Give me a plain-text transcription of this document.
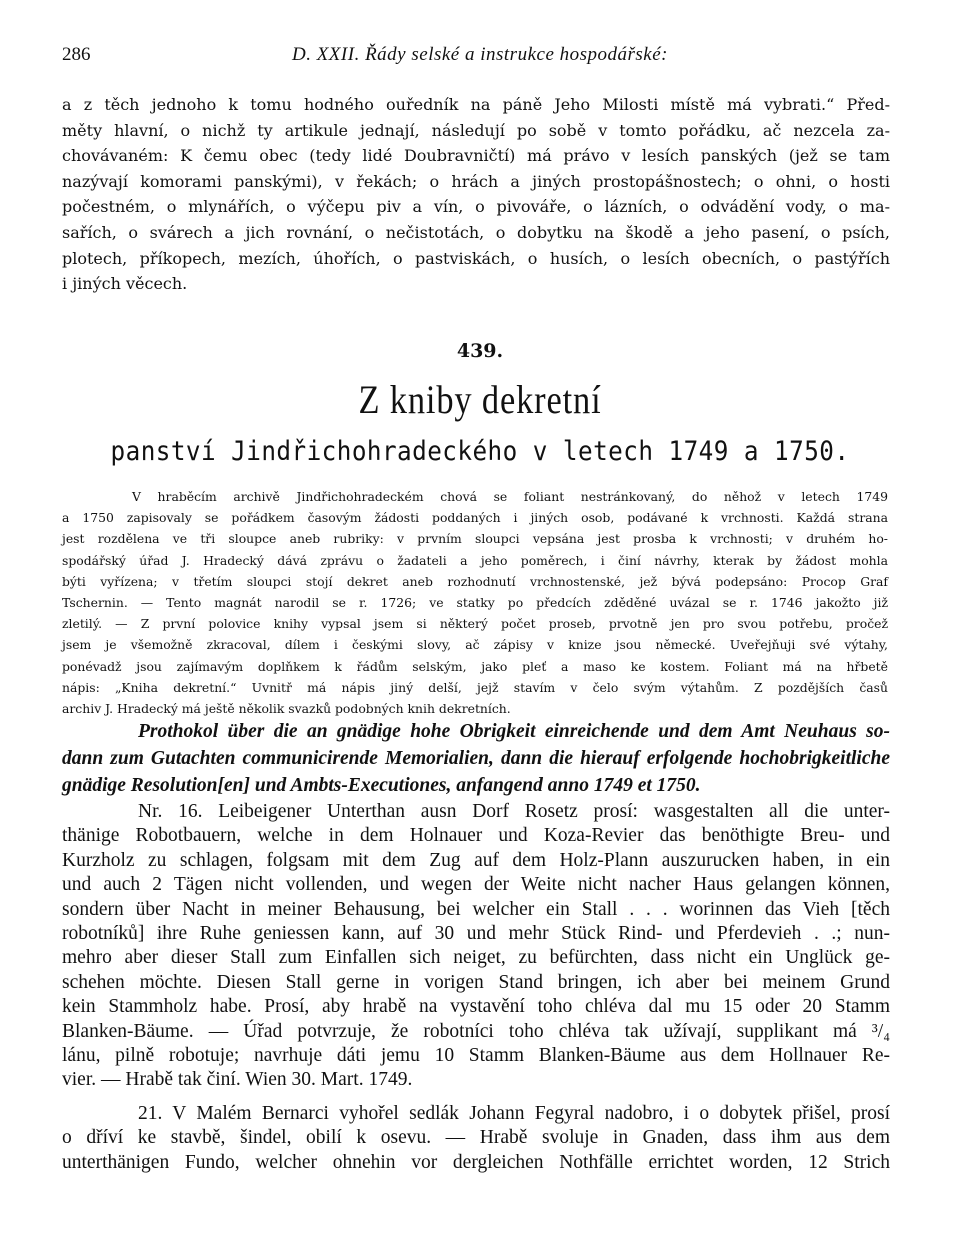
286	D. XXII. Řády selské a instrukce hospodářské:

a z těch jednoho k tomu hodného ouředník na páně Jeho Milosti místě má vybrati.“ Před-
měty hlavní, o nichž ty artikule jednají, následují po sobě v tomto pořádku, ač nezcela za-
chovávaném: K čemu obec (tedy lidé Doubravničtí) má právo v lesích panských (jež se tam
nazývají komorami panskými), v řekách; o hrách a jiných prostopášnostech; o ohni, o hosti
počestném, o mlynářích, o výčepu piv a vín, o pivováře, o lázních, o odvádění vody, o ma-
sařích, o svárech a jich rovnání, o nečistotách, o dobytku na škodě a jeho pasení, o psích,
plotech, příkopech, mezích, úhořích, o pastviskách, o husích, o lesích obecních, o pastýřích
i jiných věcech.

439.
Z kniby dekretní
panství Jindřichohradeckého v letech 1749 a 1750.

V hraběcím archivě Jindřichohradeckém chová se foliant nestránkovaný, do něhož v letech 1749
a 1750 zapisovaly se pořádkem časovým žádosti poddaných i jiných osob, podávané k vrchnosti. Každá strana
jest rozdělena ve tři sloupce aneb rubriky: v prvním sloupci vepsána jest prosba k vrchnosti; v druhém ho-
spodářský úřad J. Hradecký dává zprávu o žadateli a jeho poměrech, i činí návrhy, kterak by žádost mohla
býti vyřízena; v třetím sloupci stojí dekret aneb rozhodnutí vrchnostenské, jež bývá podepsáno: Procop Graf
Tschernin. — Tento magnát narodil se r. 1726; ve statky po předcích zděděné uvázal se r. 1746 jakožto již
zletilý. — Z první polovice knihy vypsal jsem si některý počet proseb, prvotně jen pro svou potřebu, pročež
jsem je všemožně zkracoval, dílem i českými slovy, ač zápisy v knize jsou německé. Uveřejňuji své výtahy,
ponévadž jsou zajímavým doplňkem k řádům selským, jako pleť a maso ke kostem. Foliant má na hřbetě
nápis: „Kniha dekretní.“ Uvnitř má nápis jiný delší, jejž stavím v čelo svým výtahům. Z pozdějších časů
archiv J. Hradecký má ještě několik svazků podobných knih dekretních.

Prothokol über die an gnädige hohe Obrigkeit einreichende und dem Amt Neuhaus so-
dann zum Gutachten communicirende Memorialien, dann die hierauf erfolgende hochobrigkeitliche
gnädige Resolution[en] und Ambts-Executiones, anfangend anno 1749 et 1750.

Nr. 16. Leibeigener Unterthan ausn Dorf Rosetz prosí: wasgestalten all die unter-
thänige Robotbauern, welche in dem Holnauer und Koza-Revier das benöthigte Breu- und
Kurzholz zu schlagen, folgsam mit dem Zug auf dem Holz-Plann auszurucken haben, in ein
und auch 2 Tägen nicht vollenden, und wegen der Weite nicht nacher Haus gelangen können,
sondern über Nacht in meiner Behausung, bei welcher ein Stall . . . worinnen das Vieh [těch
robotníků] ihre Ruhe geniessen kann, auf 30 und mehr Stück Rind- und Pferdevieh . .; nun-
mehro aber dieser Stall zum Einfallen sich neiget, zu befürchten, dass nicht ein Unglück ge-
schehen möchte. Diesen Stall gerne in vorigen Stand bringen, ich aber bei meinem Grund
kein Stammholz habe. Prosí, aby hrabě na vystavění toho chléva dal mu 15 oder 20 Stamm
Blanken-Bäume. — Úřad potvrzuje, že robotníci toho chléva tak užívají, supplikant má ³/₄
lánu, pilně robotuje; navrhuje dáti jemu 10 Stamm Blanken-Bäume aus dem Hollnauer Re-
vier. — Hrabě tak činí. Wien 30. Mart. 1749.

21. V Malém Bernarci vyhořel sedlák Johann Fegyral nadobro, i o dobytek přišel, prosí
o dříví ke stavbě, šindel, obilí k osevu. — Hrabě svoluje in Gnaden, dass ihm aus dem
unterthänigen Fundo, welcher ohnehin vor dergleichen Nothfälle errichtet worden, 12 Strich
